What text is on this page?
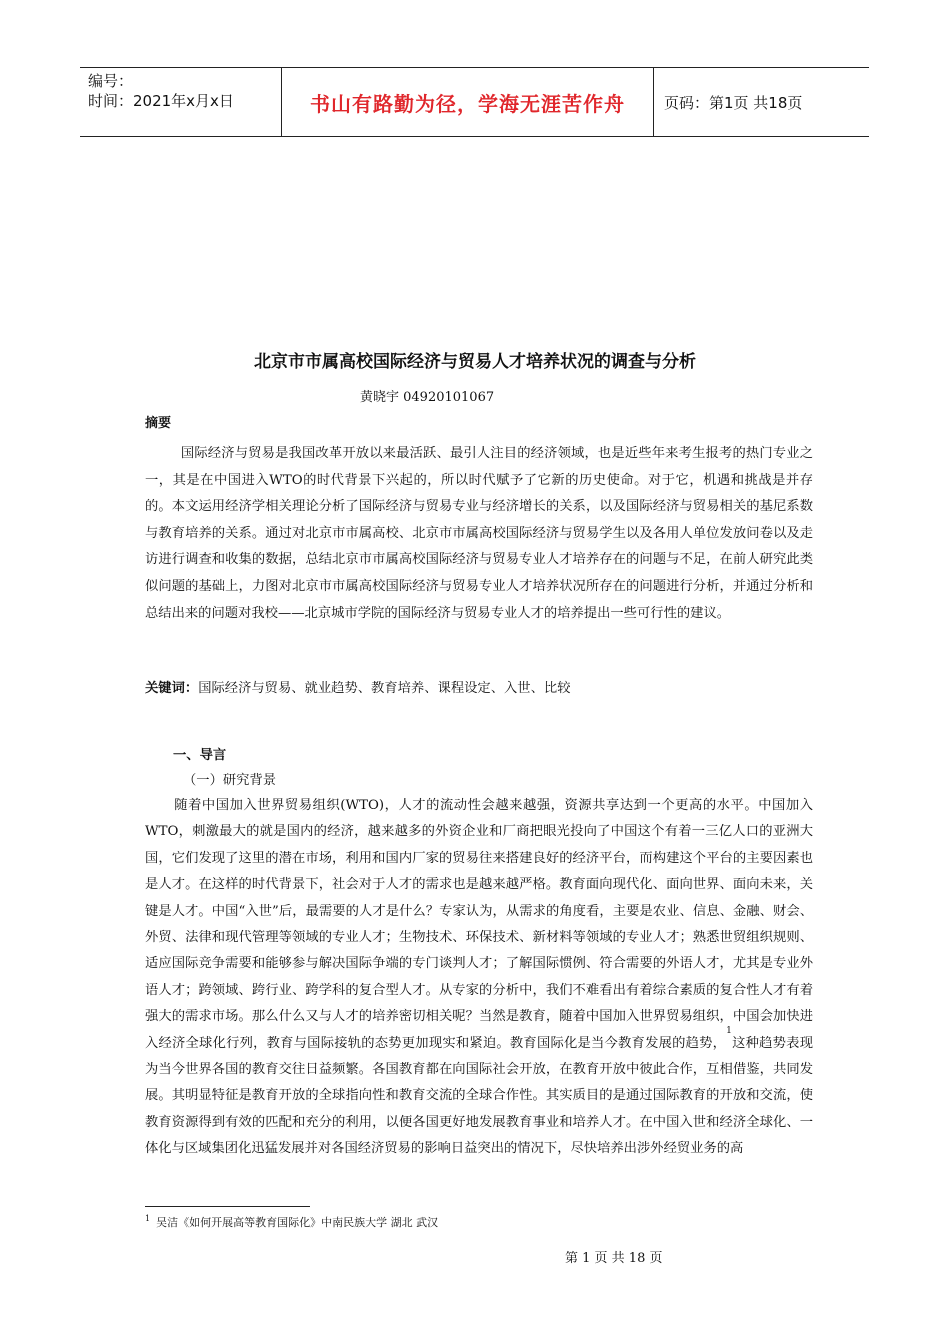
编号：
时间：2021年x月x日	书山有路勤为径，学海无涯苦作舟	页码：第1页 共18页
北京市市属高校国际经济与贸易人才培养状况的调查与分析
黄晓宇 04920101067
摘要

国际经济与贸易是我国改革开放以来最活跃、最引人注目的经济领域，也是近些年来考生报考的热门专业之一，其是在中国进入WTO的时代背景下兴起的，所以时代赋予了它新的历史使命。对于它，机遇和挑战是并存的。本文运用经济学相关理论分析了国际经济与贸易专业与经济增长的关系，以及国际经济与贸易相关的基尼系数与教育培养的关系。通过对北京市市属高校、北京市市属高校国际经济与贸易学生以及各用人单位发放问卷以及走访进行调查和收集的数据，总结北京市市属高校国际经济与贸易专业人才培养存在的问题与不足，在前人研究此类似问题的基础上，力图对北京市市属高校国际经济与贸易专业人才培养状况所存在的问题进行分析，并通过分析和总结出来的问题对我校——北京城市学院的国际经济与贸易专业人才的培养提出一些可行性的建议。

关键词：国际经济与贸易、就业趋势、教育培养、课程设定、入世、比较
一、导言
（一）研究背景

随着中国加入世界贸易组织(WTO)，人才的流动性会越来越强，资源共享达到一个更高的水平。中国加入WTO，刺激最大的就是国内的经济，越来越多的外资企业和厂商把眼光投向了中国这个有着一三亿人口的亚洲大国，它们发现了这里的潜在市场，利用和国内厂家的贸易往来搭建良好的经济平台，而构建这个平台的主要因素也是人才。在这样的时代背景下，社会对于人才的需求也是越来越严格。教育面向现代化、面向世界、面向未来，关键是人才。中国“入世”后，最需要的人才是什么？专家认为，从需求的角度看，主要是农业、信息、金融、财会、外贸、法律和现代管理等领域的专业人才；生物技术、环保技术、新材料等领域的专业人才；熟悉世贸组织规则、适应国际竞争需要和能够参与解决国际争端的专门谈判人才；了解国际惯例、符合需要的外语人才，尤其是专业外语人才；跨领域、跨行业、跨学科的复合型人才。从专家的分析中，我们不难看出有着综合素质的复合性人才有着强大的需求市场。那么什么又与人才的培养密切相关呢？当然是教育，随着中国加入世界贸易组织，中国会加快进入经济全球化行列，教育与国际接轨的态势更加现实和紧迫。教育国际化是当今教育发展的趋势，$^1$这种趋势表现为当今世界各国的教育交往日益频繁。各国教育都在向国际社会开放，在教育开放中彼此合作，互相借鉴，共同发展。其明显特征是教育开放的全球指向性和教育交流的全球合作性。其实质目的是通过国际教育的开放和交流，使教育资源得到有效的匹配和充分的利用，以便各国更好地发展教育事业和培养人才。在中国入世和经济全球化、一体化与区域集团化迅猛发展并对各国经济贸易的影响日益突出的情况下，尽快培养出涉外经贸业务的高

$^1$ 吴洁《如何开展高等教育国际化》中南民族大学 湖北 武汉
第 1 页 共 18 页
